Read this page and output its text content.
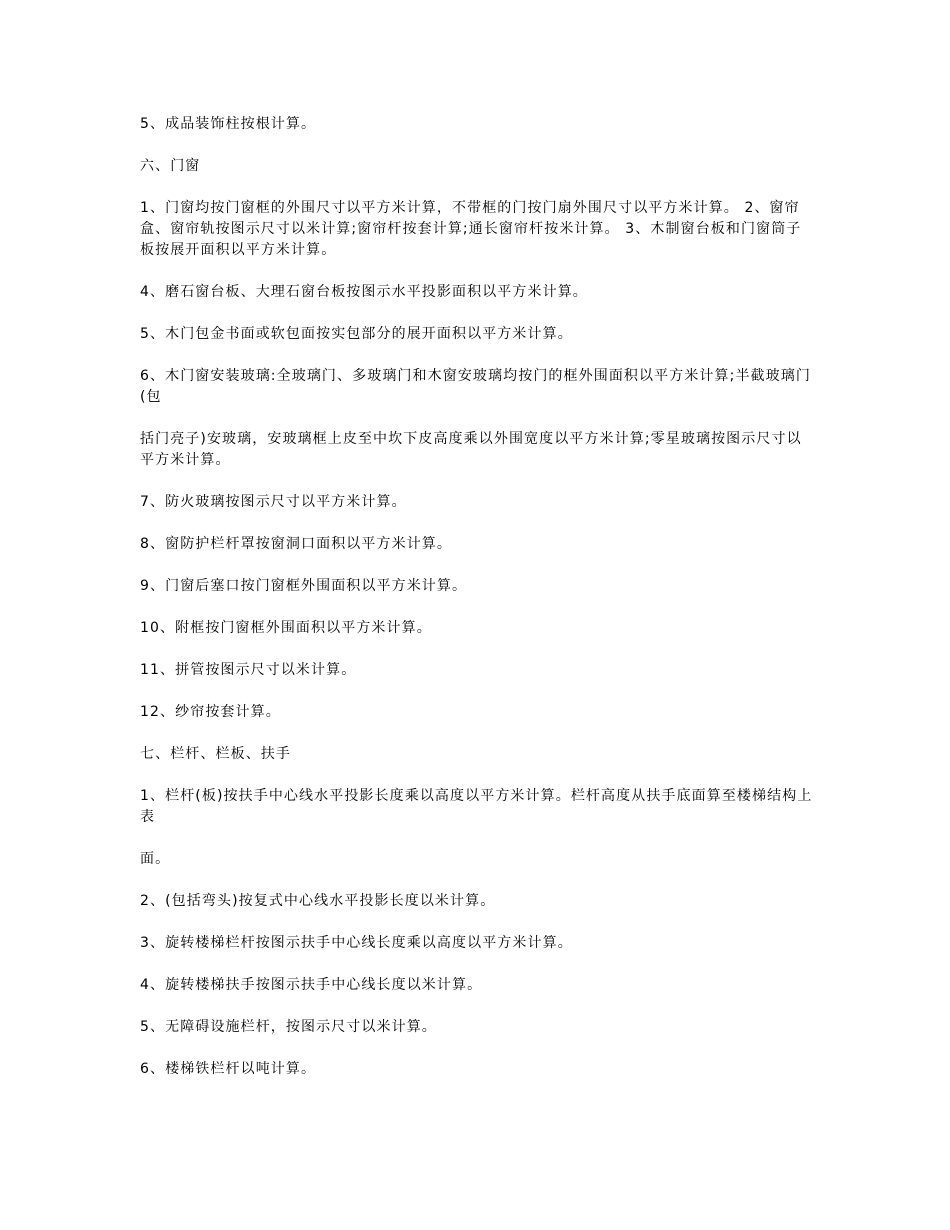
5、成品装饰柱按根计算。

六、门窗

1、门窗均按门窗框的外围尺寸以平方米计算，不带框的门按门扇外围尺寸以平方米计算。 2、窗帘盒、窗帘轨按图示尺寸以米计算;窗帘杆按套计算;通长窗帘杆按米计算。 3、木制窗台板和门窗筒子板按展开面积以平方米计算。

4、磨石窗台板、大理石窗台板按图示水平投影面积以平方米计算。

5、木门包金书面或软包面按实包部分的展开面积以平方米计算。

6、木门窗安装玻璃:全玻璃门、多玻璃门和木窗安玻璃均按门的框外围面积以平方米计算;半截玻璃门(包

括门亮子)安玻璃，安玻璃框上皮至中坎下皮高度乘以外围宽度以平方米计算;零星玻璃按图示尺寸以平方米计算。

7、防火玻璃按图示尺寸以平方米计算。

8、窗防护栏杆罩按窗洞口面积以平方米计算。

9、门窗后塞口按门窗框外围面积以平方米计算。

10、附框按门窗框外围面积以平方米计算。

11、拼管按图示尺寸以米计算。

12、纱帘按套计算。

七、栏杆、栏板、扶手

1、栏杆(板)按扶手中心线水平投影长度乘以高度以平方米计算。栏杆高度从扶手底面算至楼梯结构上表

面。

2、(包括弯头)按复式中心线水平投影长度以米计算。

3、旋转楼梯栏杆按图示扶手中心线长度乘以高度以平方米计算。

4、旋转楼梯扶手按图示扶手中心线长度以米计算。

5、无障碍设施栏杆，按图示尺寸以米计算。

6、楼梯铁栏杆以吨计算。
